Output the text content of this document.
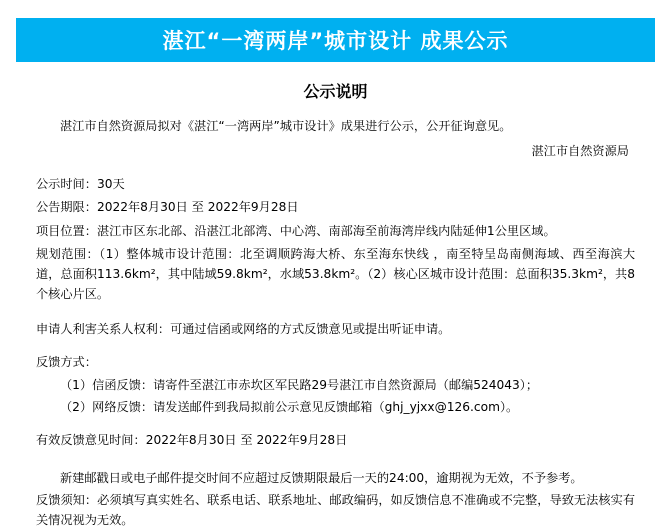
湛江“一湾两岸”城市设计 成果公示
公示说明

湛江市自然资源局拟对《湛江“一湾两岸”城市设计》成果进行公示，公开征询意见。

湛江市自然资源局

公示时间：30天

公告期限：2022年8月30日 至 2022年9月28日

项目位置：湛江市区东北部、沿湛江北部湾、中心湾、南部海至前海湾岸线内陆延伸1公里区域。

规划范围：（1）整体城市设计范围：北至调顺跨海大桥、东至海东快线 ，南至特呈岛南侧海域、西至海滨大道，总面积113.6km²，其中陆域59.8km²，水域53.8km²。（2）核心区城市设计范围：总面积35.3km²，共8个核心片区。

申请人利害关系人权利：可通过信函或网络的方式反馈意见或提出听证申请。

反馈方式：

（1）信函反馈：请寄件至湛江市赤坎区军民路29号湛江市自然资源局（邮编524043）；

（2）网络反馈：请发送邮件到我局拟前公示意见反馈邮箱（ghj_yjxx@126.com）。

有效反馈意见时间：2022年8月30日 至 2022年9月28日

新建邮戳日或电子邮件提交时间不应超过反馈期限最后一天的24:00，逾期视为无效，不予参考。

反馈须知：必须填写真实姓名、联系电话、联系地址、邮政编码，如反馈信息不准确或不完整，导致无法核实有关情况视为无效。
